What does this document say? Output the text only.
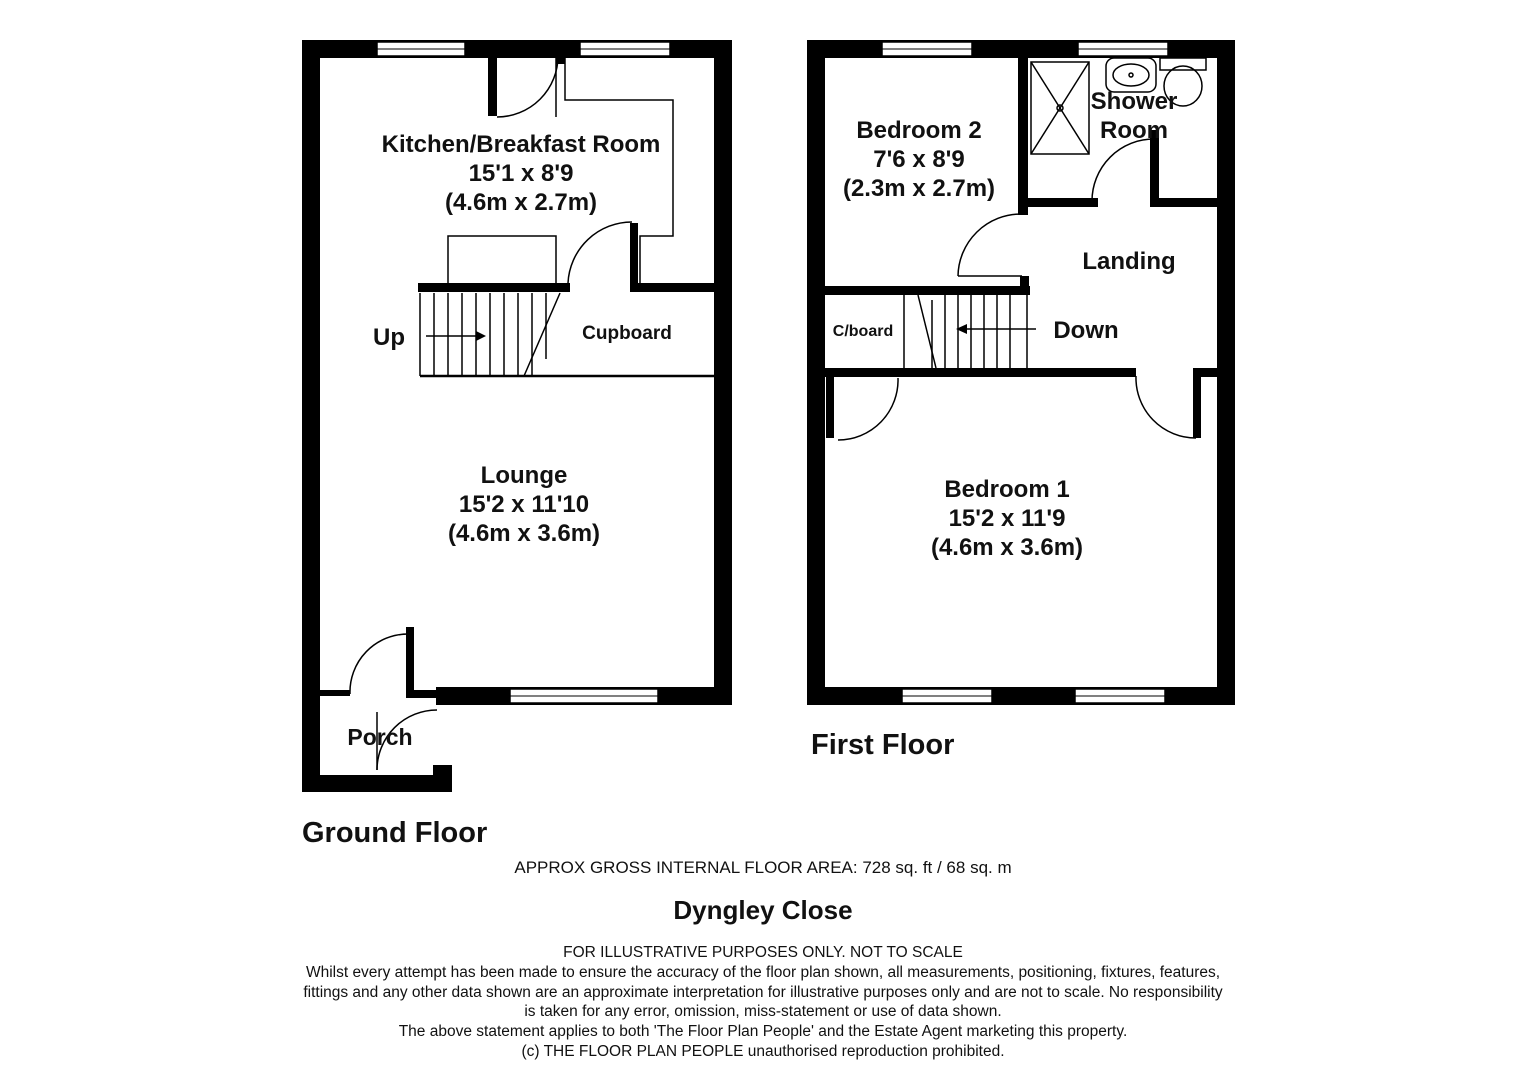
Kitchen/Breakfast Room
15'1 x 8'9
(4.6m x 2.7m)
Up	Cupboard
Lounge
15'2 x 11'10
(4.6m x 3.6m)
Porch
Ground Floor
Bedroom 2
7'6 x 8'9
(2.3m x 2.7m)
Shower
Room
Landing
C/board	Down
Bedroom 1
15'2 x 11'9
(4.6m x 3.6m)
First Floor
APPROX GROSS INTERNAL FLOOR AREA: 728 sq. ft / 68 sq. m
Dyngley Close
FOR ILLUSTRATIVE PURPOSES ONLY. NOT TO SCALE
Whilst every attempt has been made to ensure the accuracy of the floor plan shown, all measurements, positioning, fixtures, features,
fittings and any other data shown are an approximate interpretation for illustrative purposes only and are not to scale. No responsibility
is taken for any error, omission, miss-statement or use of data shown.
The above statement applies to both 'The Floor Plan People' and the Estate Agent marketing this property.
(c) THE FLOOR PLAN PEOPLE unauthorised reproduction prohibited.
